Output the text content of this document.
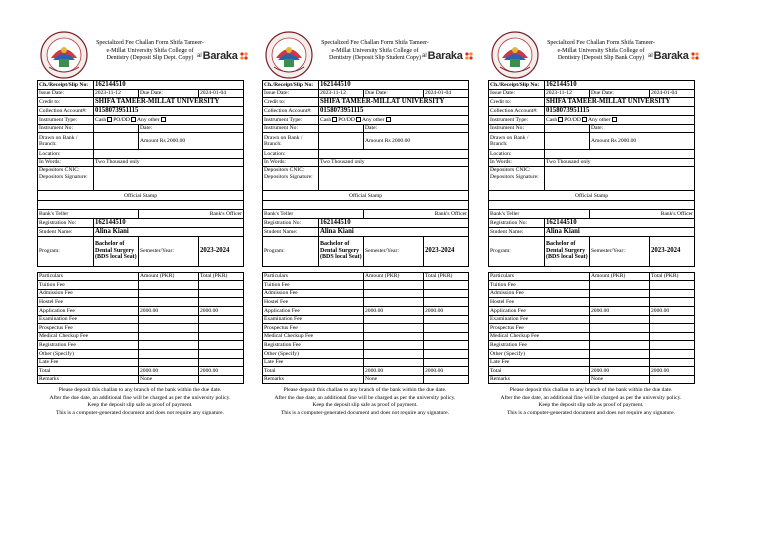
Specialized Fee Challan Form Shifa Tameer-e-Millat University Shifa College of Dentistry (Deposit Slip Dept. Copy) al Baraka
Ch./Receipt/Slip No:	162144510		
Issue Date:	2023-11-12	Due Date:	2024-01-04
Credit to:	SHIFA TAMEER-MILLAT UNIVERSITY		
Collection Account#:	0158073951115		
Instrument Type:	Cash PO/DD Any other		
Instrument No:		Date:	
Drawn on Bank / Branch:		Amount Rs 2000.00	
Location:			
In Words:	Two Thousand only		

Depositors CNIC:
Depositors Signature:			

Official Stamp			

Bank's Teller		Bank's Officer	
Registration No:	162144510		
Student Name:	Alina Kiani		
Program:	Bachelor of Dental Surgery (BDS local Seat)	Semester/Year:	2023-2024
Particulars	Amount (PKR)	Total (PKR)
Tuition Fee		
Admission Fee		
Hostel Fee		
Application Fee	2000.00	2000.00
Examination Fee		
Prospectus Fee		
Medical Checkup Fee		
Registration Fee		
Other (Specify)		
Late Fee		
Total	2000.00	2000.00
Remarks	None	
Please deposit this challan to any branch of the bank within the due date.
After the due date, an additional fine will be charged as per the university policy.
Keep the deposit slip safe as proof of payment.
This is a computer-generated document and does not require any signature.
Specialized Fee Challan Form Shifa Tameer-e-Millat University Shifa College of Dentistry (Deposit Slip Student Copy) al Baraka
Ch./Receipt/Slip No:	162144510		
Issue Date:	2023-11-12	Due Date:	2024-01-04
Credit to:	SHIFA TAMEER-MILLAT UNIVERSITY		
Collection Account#:	0158073951115		
Instrument Type:	Cash PO/DD Any other		
Instrument No:		Date:	
Drawn on Bank / Branch:		Amount Rs 2000.00	
Location:			
In Words:	Two Thousand only		

Depositors CNIC:
Depositors Signature:			

Official Stamp			

Bank's Teller		Bank's Officer	
Registration No:	162144510		
Student Name:	Alina Kiani		
Program:	Bachelor of Dental Surgery (BDS local Seat)	Semester/Year:	2023-2024
Particulars	Amount (PKR)	Total (PKR)
Tuition Fee		
Admission Fee		
Hostel Fee		
Application Fee	2000.00	2000.00
Examination Fee		
Prospectus Fee		
Medical Checkup Fee		
Registration Fee		
Other (Specify)		
Late Fee		
Total	2000.00	2000.00
Remarks	None	
Please deposit this challan to any branch of the bank within the due date.
After the due date, an additional fine will be charged as per the university policy.
Keep the deposit slip safe as proof of payment.
This is a computer-generated document and does not require any signature.
Specialized Fee Challan Form Shifa Tameer-e-Millat University Shifa College of Dentistry (Deposit Slip Bank Copy) al Baraka
Ch./Receipt/Slip No:	162144510		
Issue Date:	2023-11-12	Due Date:	2024-01-04
Credit to:	SHIFA TAMEER-MILLAT UNIVERSITY		
Collection Account#:	0158073951115		
Instrument Type:	Cash PO/DD Any other		
Instrument No:		Date:	
Drawn on Bank / Branch:		Amount Rs 2000.00	
Location:			
In Words:	Two Thousand only		

Depositors CNIC:
Depositors Signature:			

Official Stamp			

Bank's Teller		Bank's Officer	
Registration No:	162144510		
Student Name:	Alina Kiani		
Program:	Bachelor of Dental Surgery (BDS local Seat)	Semester/Year:	2023-2024
Particulars	Amount (PKR)	Total (PKR)
Tuition Fee		
Admission Fee		
Hostel Fee		
Application Fee	2000.00	2000.00
Examination Fee		
Prospectus Fee		
Medical Checkup Fee		
Registration Fee		
Other (Specify)		
Late Fee		
Total	2000.00	2000.00
Remarks	None	
Please deposit this challan to any branch of the bank within the due date.
After the due date, an additional fine will be charged as per the university policy.
Keep the deposit slip safe as proof of payment.
This is a computer-generated document and does not require any signature.
